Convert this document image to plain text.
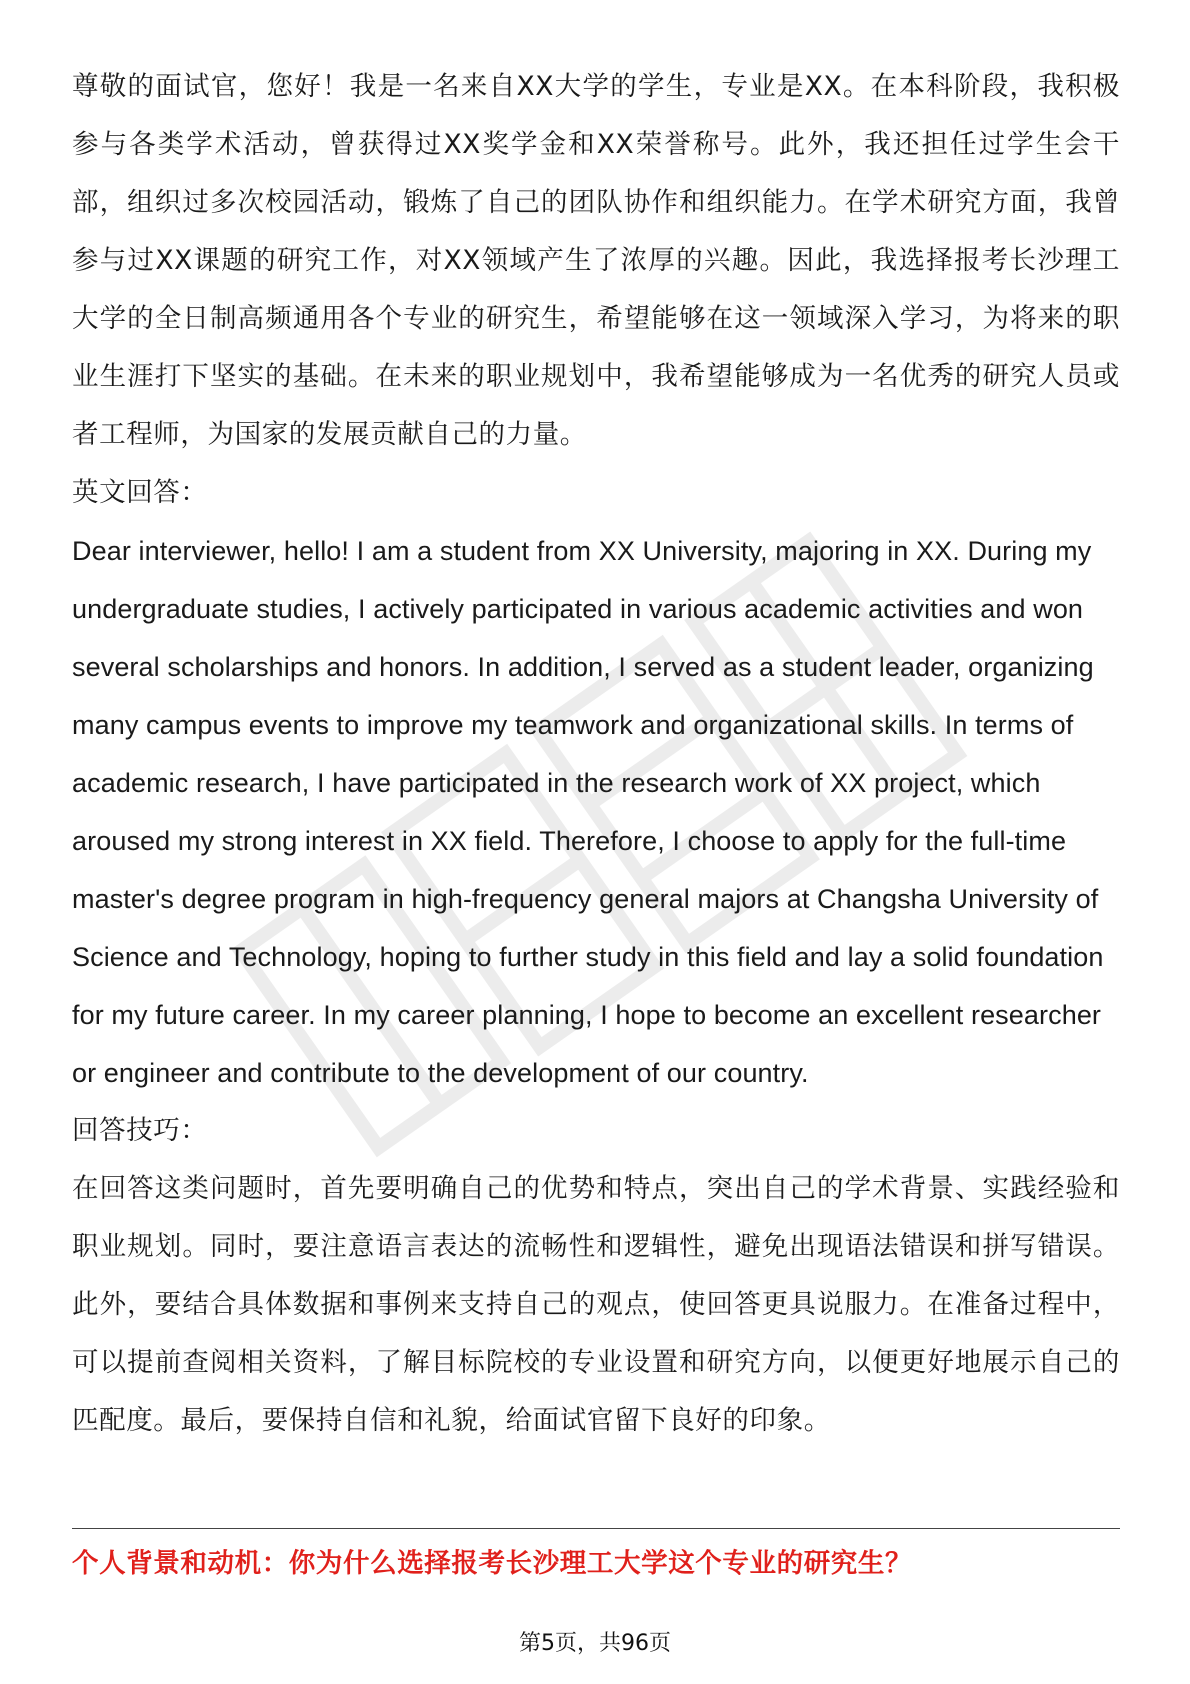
尊敬的面试官，您好！我是一名来自XX大学的学生，专业是XX。在本科阶段，我积极参与各类学术活动，曾获得过XX奖学金和XX荣誉称号。此外，我还担任过学生会干部，组织过多次校园活动，锻炼了自己的团队协作和组织能力。在学术研究方面，我曾参与过XX课题的研究工作，对XX领域产生了浓厚的兴趣。因此，我选择报考长沙理工大学的全日制高频通用各个专业的研究生，希望能够在这一领域深入学习，为将来的职业生涯打下坚实的基础。在未来的职业规划中，我希望能够成为一名优秀的研究人员或者工程师，为国家的发展贡献自己的力量。

英文回答：

Dear interviewer, hello! I am a student from XX University, majoring in XX. During my undergraduate studies, I actively participated in various academic activities and won several scholarships and honors. In addition, I served as a student leader, organizing many campus events to improve my teamwork and organizational skills. In terms of academic research, I have participated in the research work of XX project, which aroused my strong interest in XX field. Therefore, I choose to apply for the full-time master's degree program in high-frequency general majors at Changsha University of Science and Technology, hoping to further study in this field and lay a solid foundation for my future career. In my career planning, I hope to become an excellent researcher or engineer and contribute to the development of our country.

回答技巧：

在回答这类问题时，首先要明确自己的优势和特点，突出自己的学术背景、实践经验和职业规划。同时，要注意语言表达的流畅性和逻辑性，避免出现语法错误和拼写错误。此外，要结合具体数据和事例来支持自己的观点，使回答更具说服力。在准备过程中，可以提前查阅相关资料，了解目标院校的专业设置和研究方向，以便更好地展示自己的匹配度。最后，要保持自信和礼貌，给面试官留下良好的印象。

个人背景和动机：你为什么选择报考长沙理工大学这个专业的研究生？

第5页，共96页
